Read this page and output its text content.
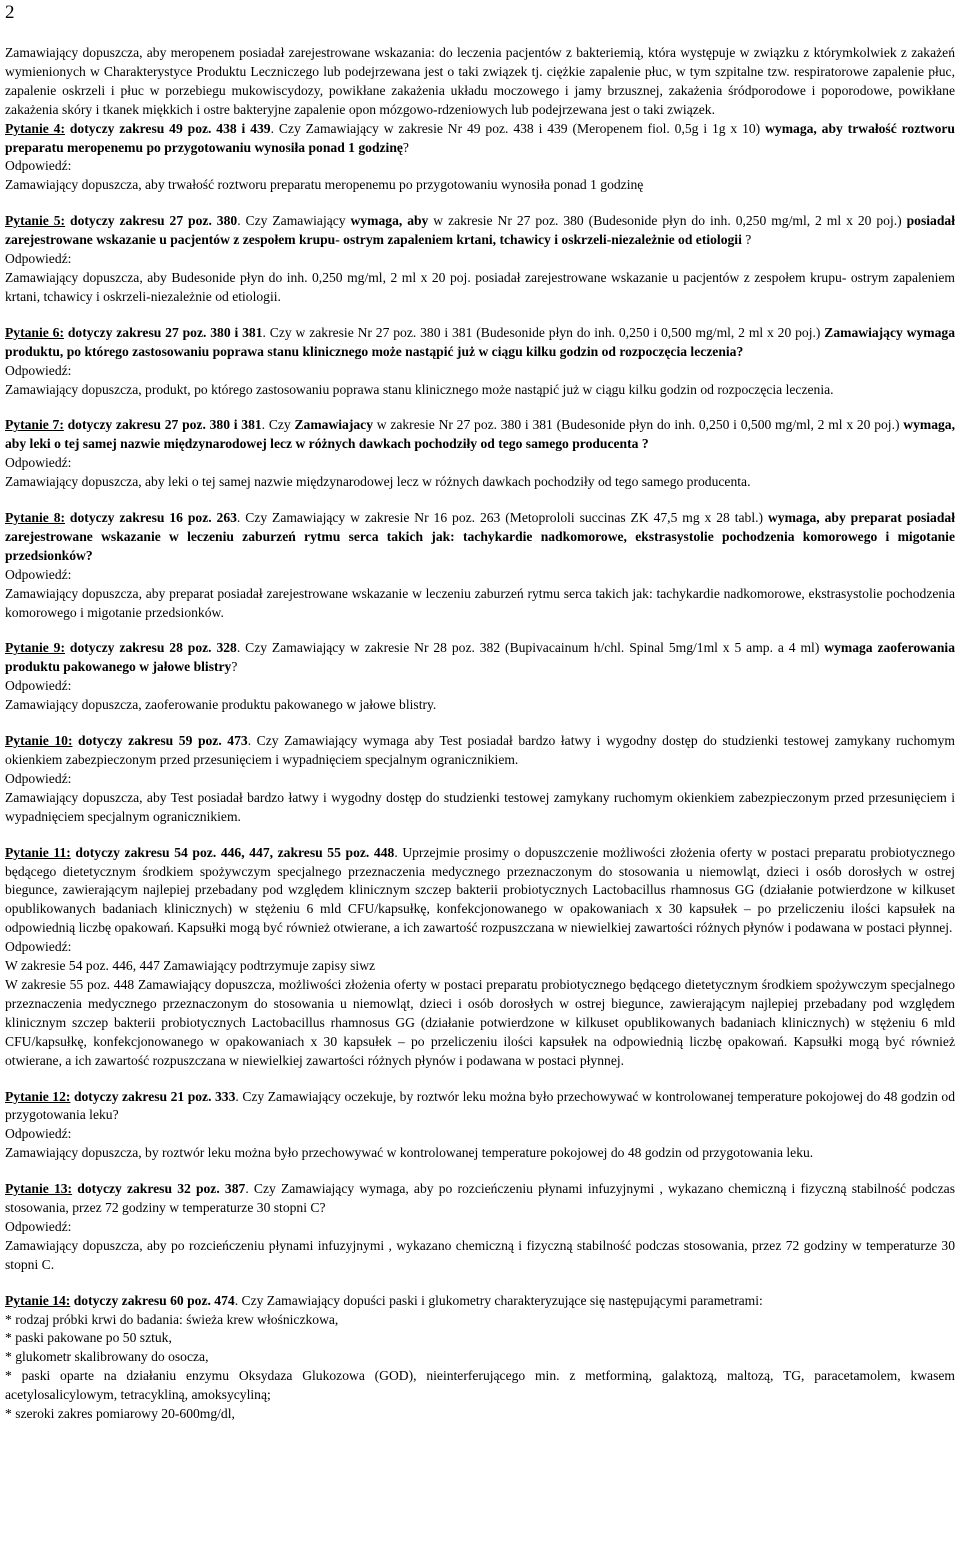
2

Zamawiający dopuszcza, aby meropenem posiadał zarejestrowane wskazania: do leczenia pacjentów z bakteriemią, która występuje w związku z którymkolwiek z zakażeń wymienionych w Charakterystyce Produktu Leczniczego lub podejrzewana jest o taki związek tj. ciężkie zapalenie płuc, w tym szpitalne tzw. respiratorowe zapalenie płuc, zapalenie oskrzeli i płuc w porzebiegu mukowiscydozy, powikłane zakażenia układu moczowego i jamy brzusznej, zakażenia śródporodowe i poporodowe, powikłane zakażenia skóry i tkanek miękkich i ostre bakteryjne zapalenie opon mózgowo-rdzeniowych lub podejrzewana jest o taki związek.

Pytanie 4: dotyczy zakresu 49 poz. 438 i 439. Czy Zamawiający w zakresie Nr 49 poz. 438 i 439 (Meropenem fiol. 0,5g i 1g x 10) wymaga, aby trwałość roztworu preparatu meropenemu po przygotowaniu wynosiła ponad 1 godzinę?

Odpowiedź:

Zamawiający dopuszcza, aby trwałość roztworu preparatu meropenemu po przygotowaniu wynosiła ponad 1 godzinę

Pytanie 5: dotyczy zakresu 27 poz. 380. Czy Zamawiający wymaga, aby w zakresie Nr 27 poz. 380 (Budesonide płyn do inh. 0,250 mg/ml, 2 ml x 20 poj.) posiadał zarejestrowane wskazanie u pacjentów z zespołem krupu- ostrym zapaleniem krtani, tchawicy i oskrzeli-niezależnie od etiologii ?

Odpowiedź:

Zamawiający dopuszcza, aby Budesonide płyn do inh. 0,250 mg/ml, 2 ml x 20 poj. posiadał zarejestrowane wskazanie u pacjentów z zespołem krupu- ostrym zapaleniem krtani, tchawicy i oskrzeli-niezależnie od etiologii.

Pytanie 6: dotyczy zakresu 27 poz. 380 i 381. Czy w zakresie Nr 27 poz. 380 i 381 (Budesonide płyn do inh. 0,250 i 0,500 mg/ml, 2 ml x 20 poj.) Zamawiający wymaga produktu, po którego zastosowaniu poprawa stanu klinicznego może nastąpić już w ciągu kilku godzin od rozpoczęcia leczenia?

Odpowiedź:

Zamawiający dopuszcza, produkt, po którego zastosowaniu poprawa stanu klinicznego może nastąpić już w ciągu kilku godzin od rozpoczęcia leczenia.

Pytanie 7: dotyczy zakresu 27 poz. 380 i 381. Czy Zamawiajacy w zakresie Nr 27 poz. 380 i 381 (Budesonide płyn do inh. 0,250 i 0,500 mg/ml, 2 ml x 20 poj.) wymaga, aby leki o tej samej nazwie międzynarodowej lecz w różnych dawkach pochodziły od tego samego producenta ?

Odpowiedź:

Zamawiający dopuszcza, aby leki o tej samej nazwie międzynarodowej lecz w różnych dawkach pochodziły od tego samego producenta.

Pytanie 8: dotyczy zakresu 16 poz. 263. Czy Zamawiający w zakresie Nr 16 poz. 263 (Metoprololi succinas ZK 47,5 mg x 28 tabl.) wymaga, aby preparat posiadał zarejestrowane wskazanie w leczeniu zaburzeń rytmu serca takich jak: tachykardie nadkomorowe, ekstrasystolie pochodzenia komorowego i migotanie przedsionków?

Odpowiedź:

Zamawiający dopuszcza, aby preparat posiadał zarejestrowane wskazanie w leczeniu zaburzeń rytmu serca takich jak: tachykardie nadkomorowe, ekstrasystolie pochodzenia komorowego i migotanie przedsionków.

Pytanie 9: dotyczy zakresu 28 poz. 328. Czy Zamawiający w zakresie Nr 28 poz. 382 (Bupivacainum h/chl. Spinal 5mg/1ml x 5 amp. a 4 ml) wymaga zaoferowania produktu pakowanego w jałowe blistry?

Odpowiedź:

Zamawiający dopuszcza, zaoferowanie produktu pakowanego w jałowe blistry.

Pytanie 10: dotyczy zakresu 59 poz. 473. Czy Zamawiający wymaga aby Test posiadał bardzo łatwy i wygodny dostęp do studzienki testowej zamykany ruchomym okienkiem zabezpieczonym przed przesunięciem i wypadnięciem specjalnym ogranicznikiem.

Odpowiedź:

Zamawiający dopuszcza, aby Test posiadał bardzo łatwy i wygodny dostęp do studzienki testowej zamykany ruchomym okienkiem zabezpieczonym przed przesunięciem i wypadnięciem specjalnym ogranicznikiem.

Pytanie 11: dotyczy zakresu 54 poz. 446, 447, zakresu 55 poz. 448. Uprzejmie prosimy o dopuszczenie możliwości złożenia oferty w postaci preparatu probiotycznego będącego dietetycznym środkiem spożywczym specjalnego przeznaczenia medycznego przeznaczonym do stosowania u niemowląt, dzieci i osób dorosłych w ostrej biegunce, zawierającym najlepiej przebadany pod względem klinicznym szczep bakterii probiotycznych Lactobacillus rhamnosus GG (działanie potwierdzone w kilkuset opublikowanych badaniach klinicznych) w stężeniu 6 mld CFU/kapsułkę, konfekcjonowanego w opakowaniach x 30 kapsułek – po przeliczeniu ilości kapsułek na odpowiednią liczbę opakowań. Kapsułki mogą być również otwierane, a ich zawartość rozpuszczana w niewielkiej zawartości różnych płynów i podawana w postaci płynnej.

Odpowiedź:

W zakresie 54 poz. 446, 447 Zamawiający podtrzymuje zapisy siwz

W zakresie 55 poz. 448 Zamawiający dopuszcza, możliwości złożenia oferty w postaci preparatu probiotycznego będącego dietetycznym środkiem spożywczym specjalnego przeznaczenia medycznego przeznaczonym do stosowania u niemowląt, dzieci i osób dorosłych w ostrej biegunce, zawierającym najlepiej przebadany pod względem klinicznym szczep bakterii probiotycznych Lactobacillus rhamnosus GG (działanie potwierdzone w kilkuset opublikowanych badaniach klinicznych) w stężeniu 6 mld CFU/kapsułkę, konfekcjonowanego w opakowaniach x 30 kapsułek – po przeliczeniu ilości kapsułek na odpowiednią liczbę opakowań. Kapsułki mogą być również otwierane, a ich zawartość rozpuszczana w niewielkiej zawartości różnych płynów i podawana w postaci płynnej.

Pytanie 12: dotyczy zakresu 21 poz. 333. Czy Zamawiający oczekuje, by roztwór leku można było przechowywać w kontrolowanej temperature pokojowej do 48 godzin od przygotowania leku?

Odpowiedź:

Zamawiający dopuszcza, by roztwór leku można było przechowywać w kontrolowanej temperature pokojowej do 48 godzin od przygotowania leku.

Pytanie 13: dotyczy zakresu 32 poz. 387. Czy Zamawiający wymaga, aby po rozcieńczeniu płynami infuzyjnymi , wykazano chemiczną i fizyczną stabilność podczas stosowania, przez 72 godziny w temperaturze 30 stopni C?

Odpowiedź:

Zamawiający dopuszcza, aby po rozcieńczeniu płynami infuzyjnymi , wykazano chemiczną i fizyczną stabilność podczas stosowania, przez 72 godziny w temperaturze 30 stopni C.

Pytanie 14: dotyczy zakresu 60 poz. 474. Czy Zamawiający dopuści paski i glukometry charakteryzujące się następującymi parametrami:

* rodzaj próbki krwi do badania: świeża krew włośniczkowa,
* paski pakowane po 50 sztuk,
* glukometr skalibrowany do osocza,
* paski oparte na działaniu enzymu Oksydaza Glukozowa (GOD), nieinterferującego min. z metforminą, galaktozą, maltozą, TG, paracetamolem, kwasem acetylosalicylowym, tetracykliną, amoksycyliną;
* szeroki zakres pomiarowy 20-600mg/dl,
